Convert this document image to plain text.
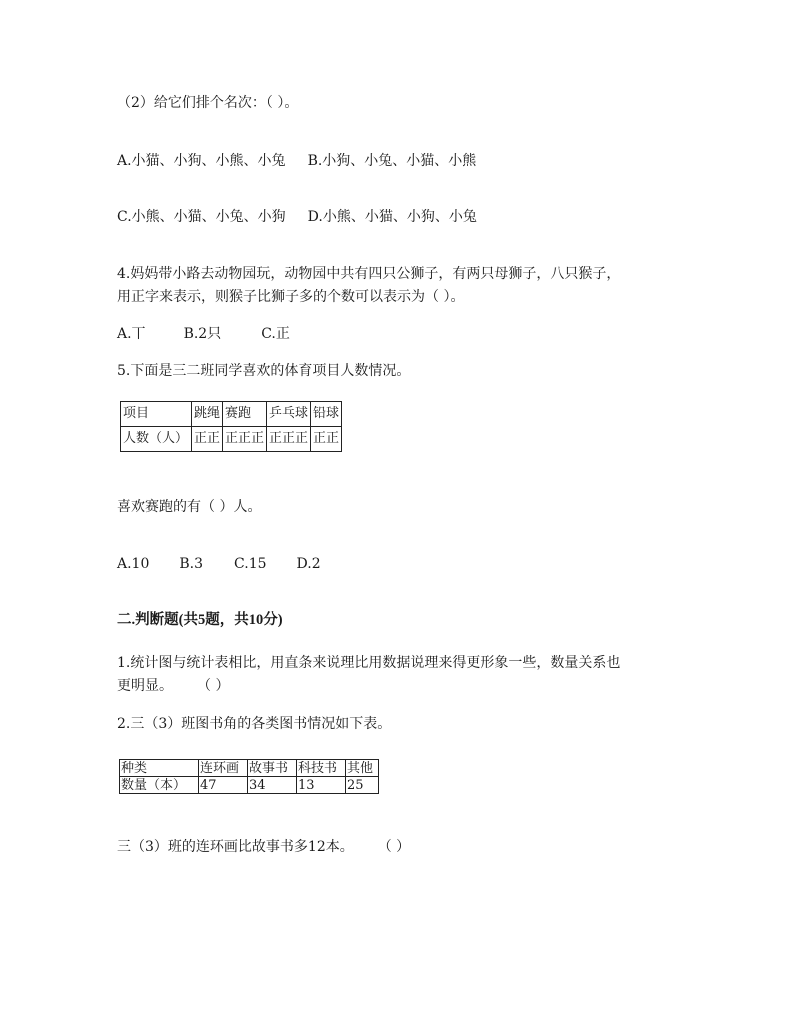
（2）给它们排个名次：（ ）。
A.小猫、小狗、小熊、小兔 B.小狗、小兔、小猫、小熊
C.小熊、小猫、小兔、小狗 D.小熊、小猫、小狗、小兔
4.妈妈带小路去动物园玩，动物园中共有四只公狮子，有两只母狮子，八只猴子，
用正字来表示，则猴子比狮子多的个数可以表示为（ ）。
A.丅	B.2只	C.正
5.下面是三二班同学喜欢的体育项目人数情况。
项目	跳绳	赛跑	乒乓球	铅球
人数（人）	正正	正正正	正正正	正正
喜欢赛跑的有（ ）人。
A.10 B.3 C.15 D.2
二.判断题(共5题，共10分)
1.统计图与统计表相比，用直条来说理比用数据说理来得更形象一些，数量关系也
更明显。 （ ）
2.三（3）班图书角的各类图书情况如下表。
种类	连环画	故事书	科技书	其他
数量（本）	47	34	13	25
三（3）班的连环画比故事书多12本。 （ ）
